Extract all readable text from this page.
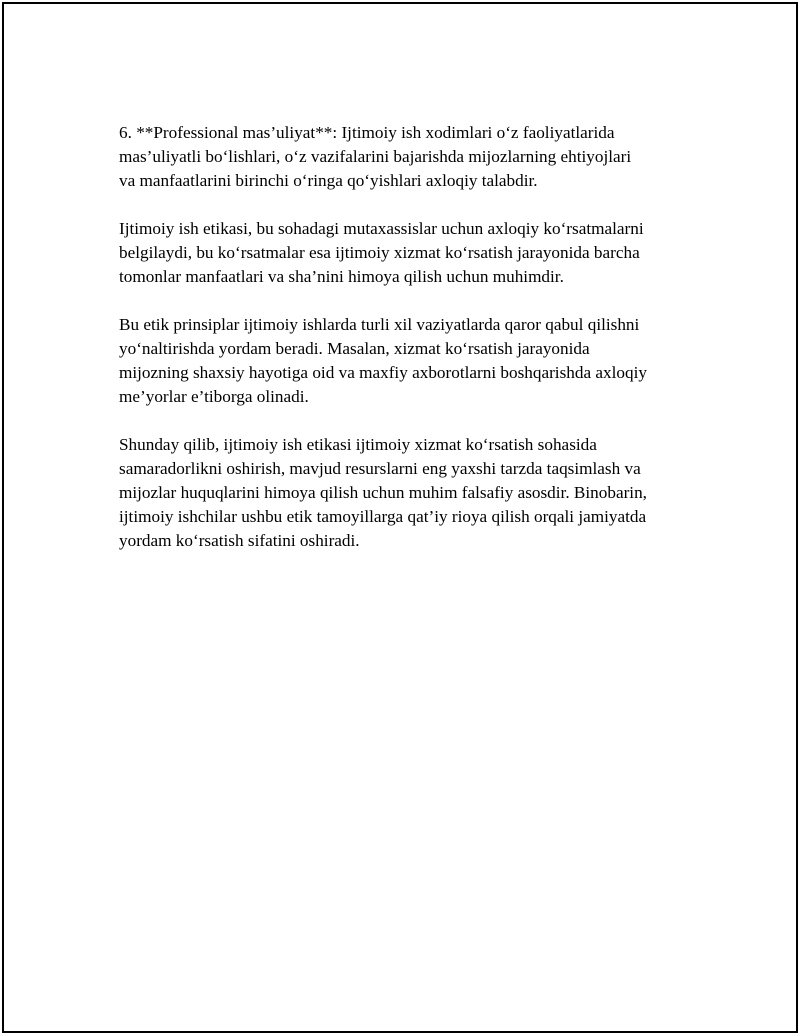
6. **Professional mas’uliyat**: Ijtimoiy ish xodimlari o‘z faoliyatlarida
mas’uliyatli bo‘lishlari, o‘z vazifalarini bajarishda mijozlarning ehtiyojlari
va manfaatlarini birinchi o‘ringa qo‘yishlari axloqiy talabdir.

Ijtimoiy ish etikasi, bu sohadagi mutaxassislar uchun axloqiy ko‘rsatmalarni
belgilaydi, bu ko‘rsatmalar esa ijtimoiy xizmat ko‘rsatish jarayonida barcha
tomonlar manfaatlari va sha’nini himoya qilish uchun muhimdir.

Bu etik prinsiplar ijtimoiy ishlarda turli xil vaziyatlarda qaror qabul qilishni
yo‘naltirishda yordam beradi. Masalan, xizmat ko‘rsatish jarayonida
mijozning shaxsiy hayotiga oid va maxfiy axborotlarni boshqarishda axloqiy
me’yorlar e’tiborga olinadi.

Shunday qilib, ijtimoiy ish etikasi ijtimoiy xizmat ko‘rsatish sohasida
samaradorlikni oshirish, mavjud resurslarni eng yaxshi tarzda taqsimlash va
mijozlar huquqlarini himoya qilish uchun muhim falsafiy asosdir. Binobarin,
ijtimoiy ishchilar ushbu etik tamoyillarga qat’iy rioya qilish orqali jamiyatda
yordam ko‘rsatish sifatini oshiradi.
